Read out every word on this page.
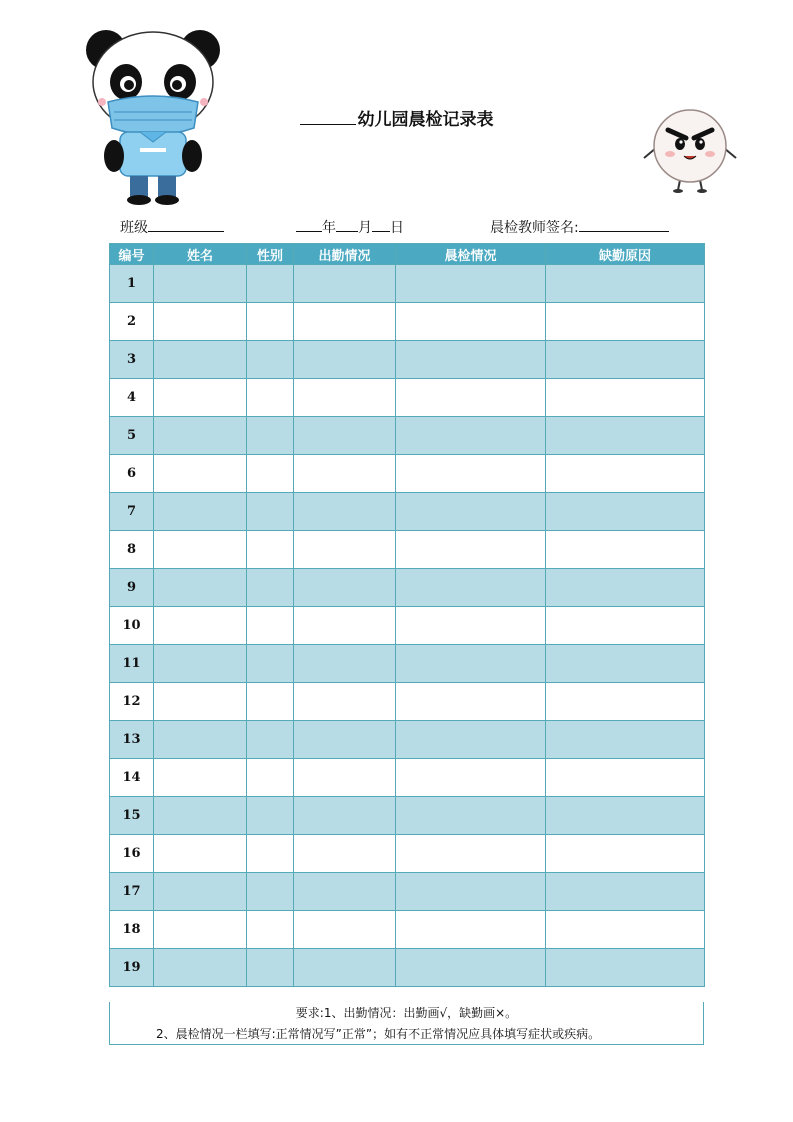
幼儿园晨检记录表
班级	年 月 日	晨检教师签名:
编号	姓名	性别	出勤情况	晨检情况	缺勤原因
1					
2					
3					
4					
5					
6					
7					
8					
9					
10					
11					
12					
13					
14					
15					
16					
17					
18					
19					
要求:1、出勤情况：出勤画√，缺勤画×。
2、晨检情况一栏填写:正常情况写”正常”；如有不正常情况应具体填写症状或疾病。
